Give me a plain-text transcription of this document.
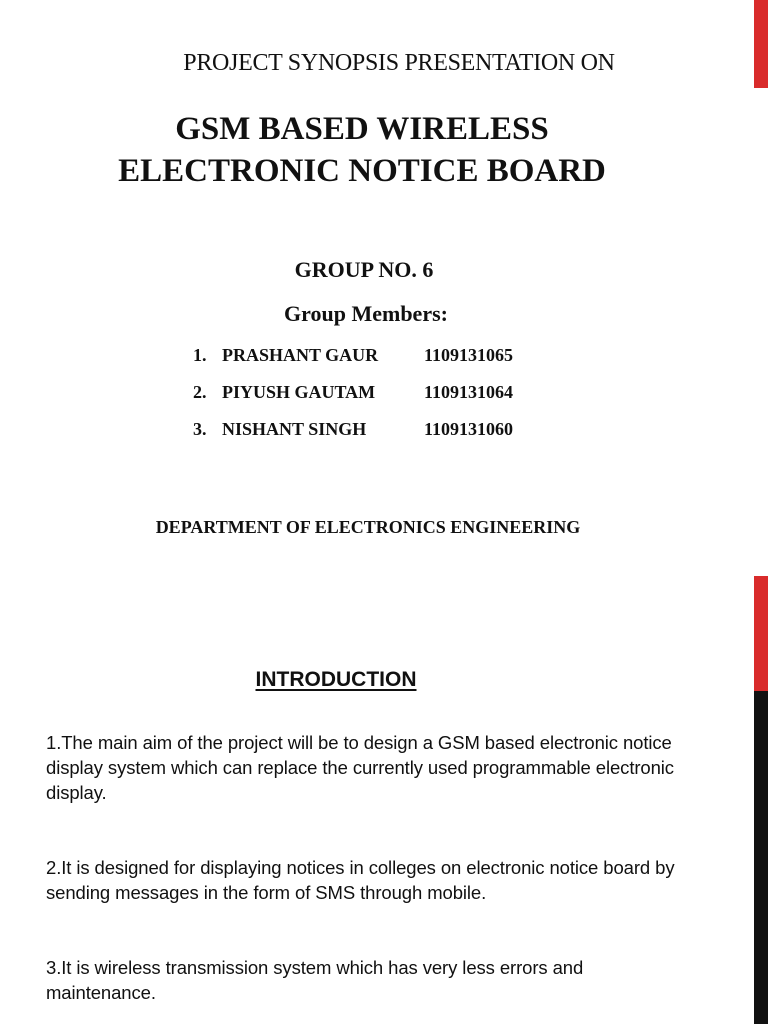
PROJECT SYNOPSIS PRESENTATION ON
GSM BASED WIRELESS
ELECTRONIC NOTICE BOARD
GROUP NO. 6
Group Members:
1. PRASHANT GAUR	1109131065
2. PIYUSH GAUTAM	1109131064
3. NISHANT SINGH	1109131060
DEPARTMENT OF ELECTRONICS ENGINEERING
INTRODUCTION

1.The main aim of the project will be to design a GSM based electronic notice display system which can replace the currently used programmable electronic display.

2.It is designed for displaying notices in colleges on electronic notice board by sending messages in the form of SMS through mobile.

3.It is wireless transmission system which has very less errors and maintenance.
